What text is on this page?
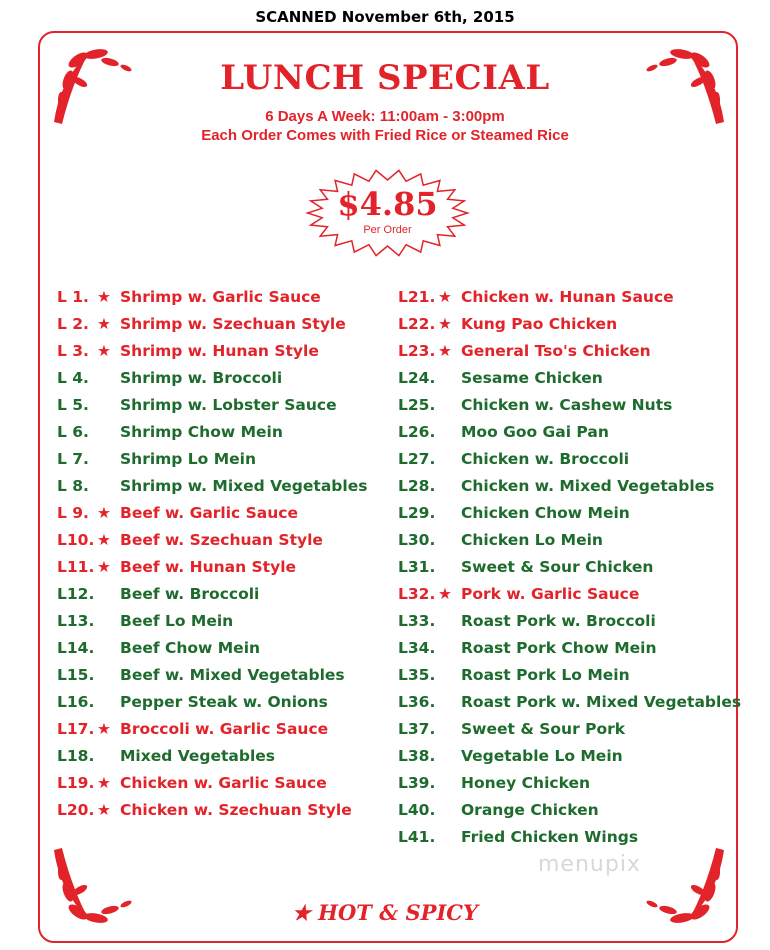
SCANNED November 6th, 2015
LUNCH SPECIAL
6 Days A Week: 11:00am - 3:00pm
Each Order Comes with Fried Rice or Steamed Rice
$4.85
Per Order
L 1. ★ Shrimp w. Garlic Sauce
L 2. ★ Shrimp w. Szechuan Style
L 3. ★ Shrimp w. Hunan Style
L 4.	Shrimp w. Broccoli
L 5.	Shrimp w. Lobster Sauce
L 6.	Shrimp Chow Mein
L 7.	Shrimp Lo Mein
L 8.	Shrimp w. Mixed Vegetables
L 9. ★ Beef w. Garlic Sauce
L10. ★ Beef w. Szechuan Style
L11. ★ Beef w. Hunan Style
L12. Beef w. Broccoli
L13. Beef Lo Mein
L14. Beef Chow Mein
L15. Beef w. Mixed Vegetables
L16. Pepper Steak w. Onions
L17. ★ Broccoli w. Garlic Sauce
L18. Mixed Vegetables
L19. ★ Chicken w. Garlic Sauce
L20. ★ Chicken w. Szechuan Style
L21. ★ Chicken w. Hunan Sauce
L22. ★ Kung Pao Chicken
L23. ★ General Tso's Chicken
L24. Sesame Chicken
L25. Chicken w. Cashew Nuts
L26. Moo Goo Gai Pan
L27. Chicken w. Broccoli
L28. Chicken w. Mixed Vegetables
L29. Chicken Chow Mein
L30. Chicken Lo Mein
L31. Sweet & Sour Chicken
L32. ★ Pork w. Garlic Sauce
L33. Roast Pork w. Broccoli
L34. Roast Pork Chow Mein
L35. Roast Pork Lo Mein
L36. Roast Pork w. Mixed Vegetables
L37. Sweet & Sour Pork
L38. Vegetable Lo Mein
L39. Honey Chicken
L40. Orange Chicken
L41. Fried Chicken Wings
menupix
★ HOT & SPICY
